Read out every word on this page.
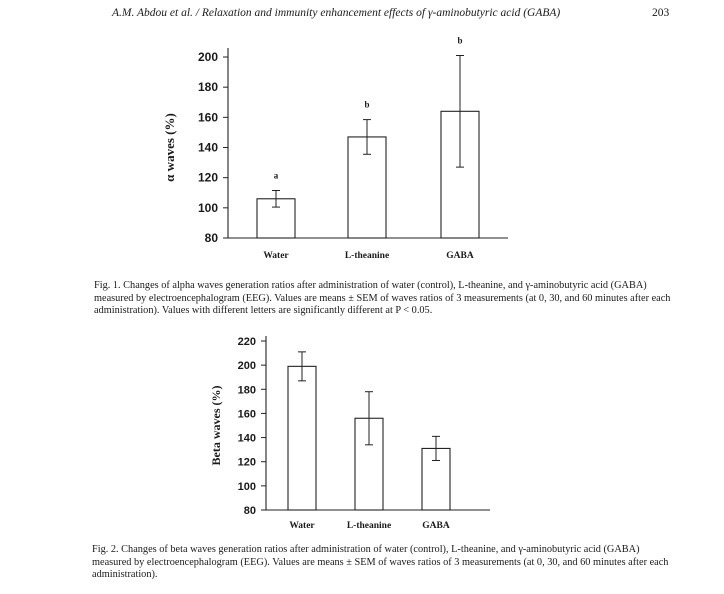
A.M. Abdou et al. / Relaxation and immunity enhancement effects of γ-aminobutyric acid (GABA)	203
80
100
120
140
160
180
200
α waves (%)	a
Water
b
L-theanine
b
GABA
80
100
120
140
160
180
200
220
Beta waves (%)
Water	L-theanine	GABA
Fig. 1. Changes of alpha waves generation ratios after administration of water (control), L-theanine, and γ-aminobutyric acid (GABA) measured by electroencephalogram (EEG). Values are means ± SEM of waves ratios of 3 measurements (at 0, 30, and 60 minutes after each administration). Values with different letters are significantly different at P < 0.05.
Fig. 2. Changes of beta waves generation ratios after administration of water (control), L-theanine, and γ-aminobutyric acid (GABA) measured by electroencephalogram (EEG). Values are means ± SEM of waves ratios of 3 measurements (at 0, 30, and 60 minutes after each administration).
